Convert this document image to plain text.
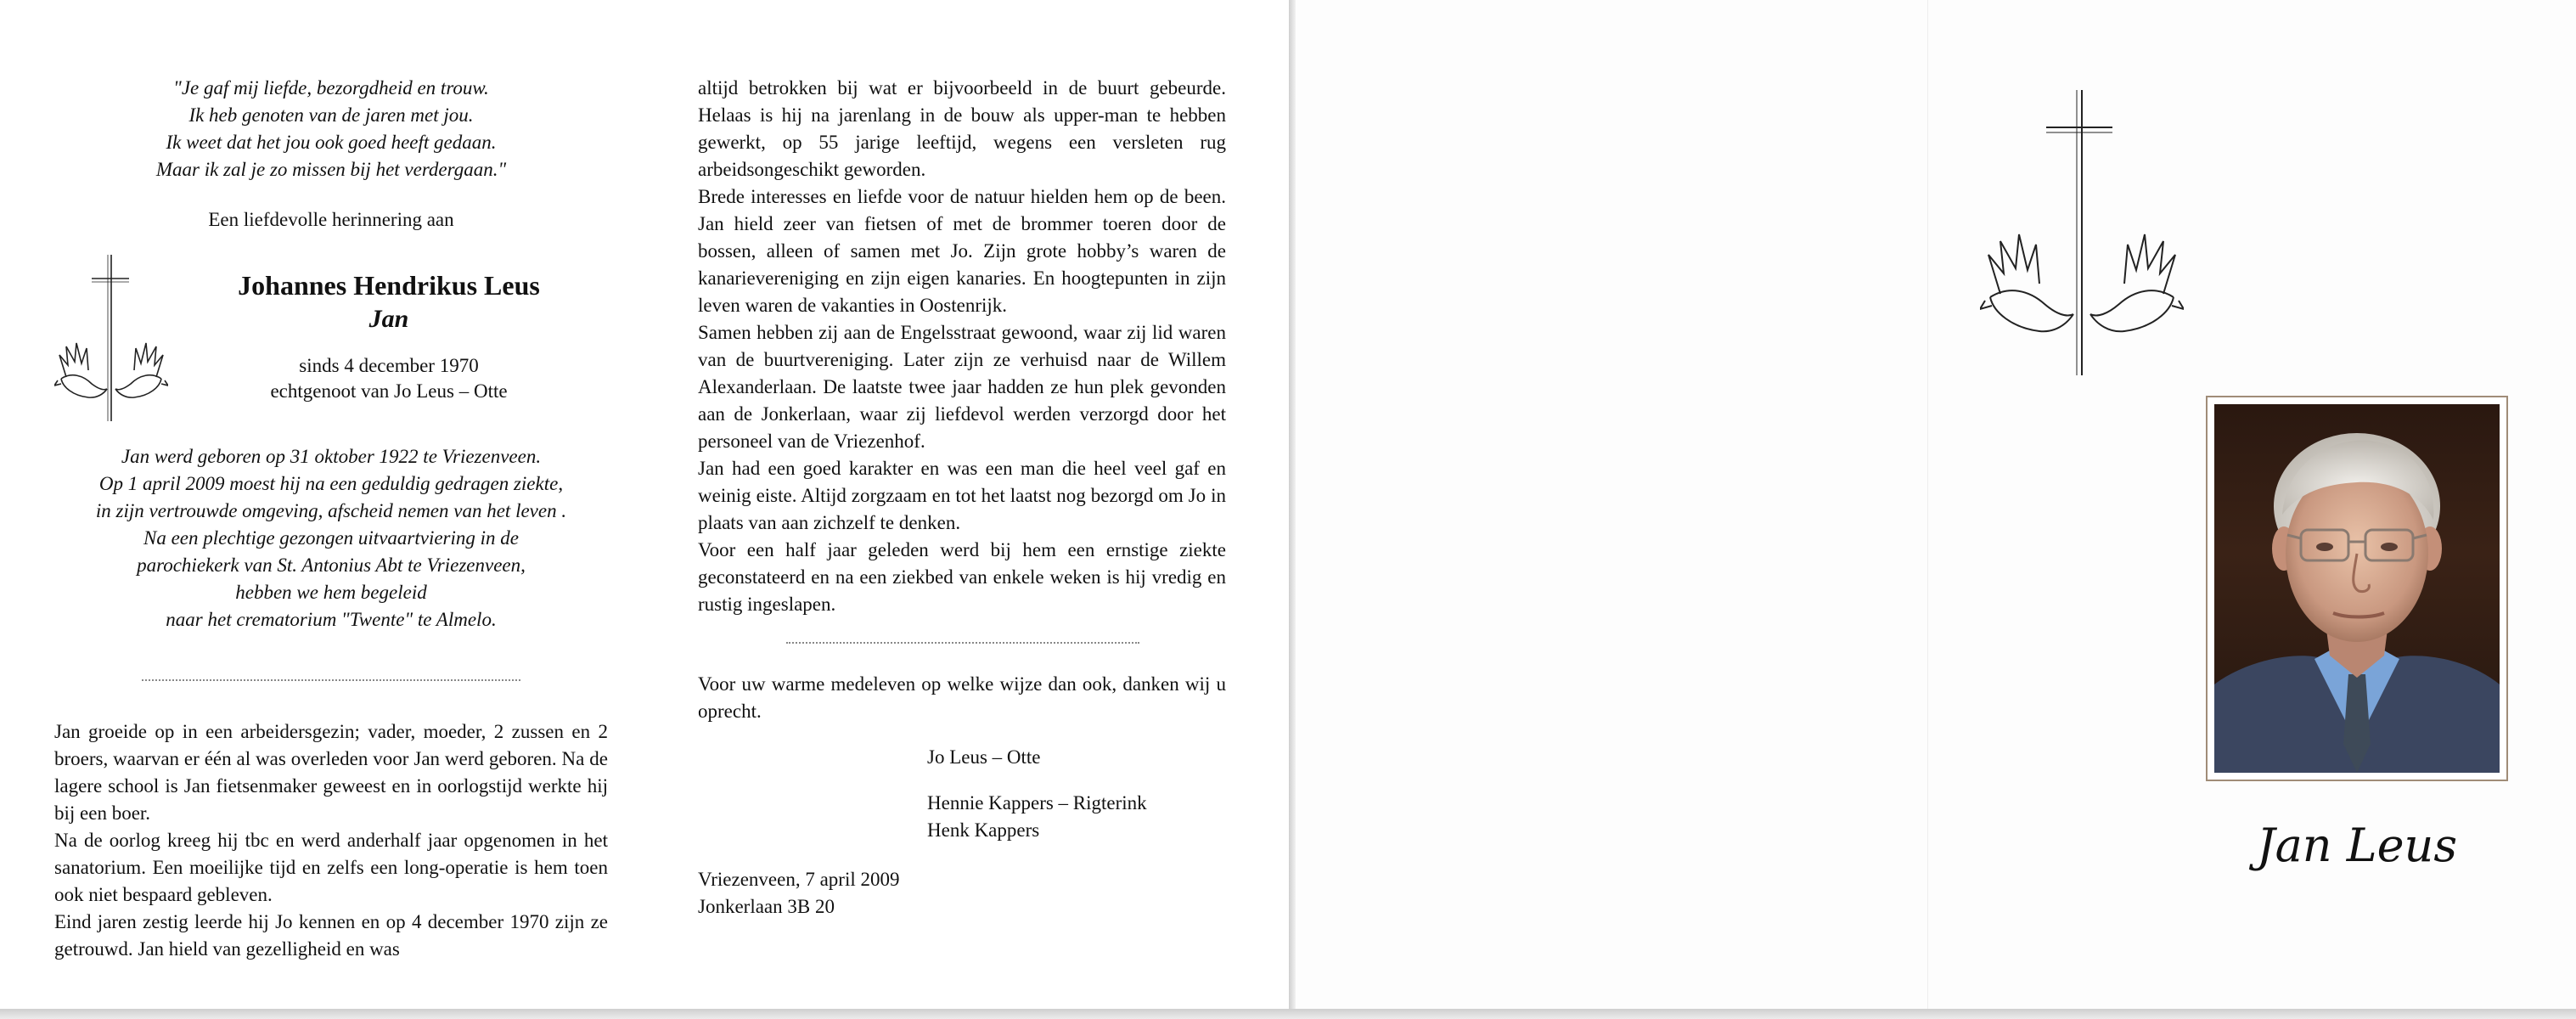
"Je gaf mij liefde, bezorgdheid en trouw.
Ik heb genoten van de jaren met jou.
Ik weet dat het jou ook goed heeft gedaan.
Maar ik zal je zo missen bij het verdergaan."
Een liefdevolle herinnering aan
Johannes Hendrikus Leus
Jan
sinds 4 december 1970
echtgenoot van Jo Leus – Otte
Jan werd geboren op 31 oktober 1922 te Vriezenveen.
Op 1 april 2009 moest hij na een geduldig gedragen ziekte,
in zijn vertrouwde omgeving, afscheid nemen van het leven .
Na een plechtige gezongen uitvaartviering in de
parochiekerk van St. Antonius Abt te Vriezenveen,
hebben we hem begeleid
naar het crematorium "Twente" te Almelo.

Jan groeide op in een arbeidersgezin; vader, moeder, 2 zussen en 2 broers, waarvan er één al was overleden voor Jan werd geboren. Na de lagere school is Jan fietsenmaker geweest en in oorlogstijd werkte hij bij een boer.

Na de oorlog kreeg hij tbc en werd anderhalf jaar opgenomen in het sanatorium. Een moeilijke tijd en zelfs een long-operatie is hem toen ook niet bespaard gebleven.

Eind jaren zestig leerde hij Jo kennen en op 4 december 1970 zijn ze getrouwd. Jan hield van gezelligheid en was

altijd betrokken bij wat er bijvoorbeeld in de buurt gebeurde. Helaas is hij na jarenlang in de bouw als upper-man te hebben gewerkt, op 55 jarige leeftijd, wegens een versleten rug arbeidsongeschikt geworden.

Brede interesses en liefde voor de natuur hielden hem op de been. Jan hield zeer van fietsen of met de brommer toeren door de bossen, alleen of samen met Jo. Zijn grote hobby’s waren de kanarievereniging en zijn eigen kanaries. En hoogtepunten in zijn leven waren de vakanties in Oostenrijk.

Samen hebben zij aan de Engelsstraat gewoond, waar zij lid waren van de buurtvereniging. Later zijn ze verhuisd naar de Willem Alexanderlaan. De laatste twee jaar hadden ze hun plek gevonden aan de Jonkerlaan, waar zij liefdevol werden verzorgd door het personeel van de Vriezenhof.

Jan had een goed karakter en was een man die heel veel gaf en weinig eiste. Altijd zorgzaam en tot het laatst nog bezorgd om Jo in plaats van aan zichzelf te denken.

Voor een half jaar geleden werd bij hem een ernstige ziekte geconstateerd en na een ziekbed van enkele weken is hij vredig en rustig ingeslapen.

Voor uw warme medeleven op welke wijze dan ook, danken wij u oprecht.
Jo Leus – Otte
Hennie Kappers – Rigterink
Henk Kappers
Vriezenveen, 7 april 2009
Jonkerlaan 3B 20
Jan Leus
